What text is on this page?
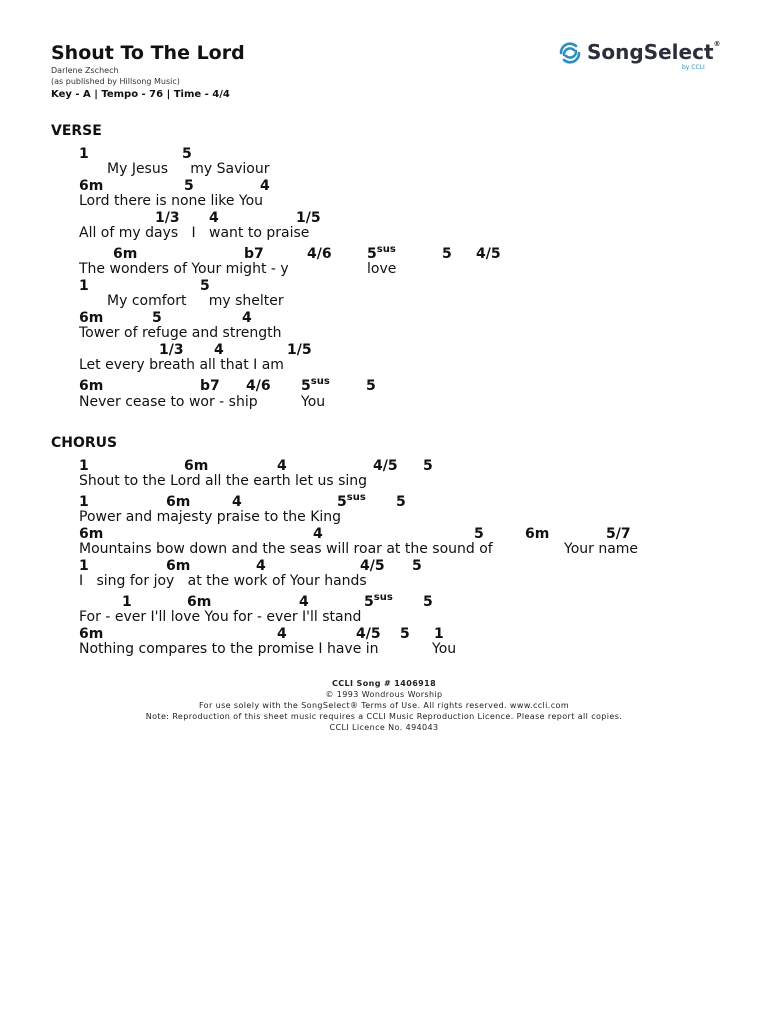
Shout To The Lord
Darlene Zschech
(as published by Hillsong Music)
Key - A | Tempo - 76 | Time - 4/4
SongSelect®
by CCLI
VERSE
1	5
My Jesus     my Saviour
6m	5	4
Lord there is none like You
1/3 4	1/5
All of my days   I   want to praise
6m	b7	4/6	$5^{sus}$	5 4/5
The wonders of Your might - y	love
1	5
My comfort     my shelter
6m	5	4
Tower of refuge and strength
1/3 4	1/5
Let every breath all that I am
6m	b7 4/6 $5^{sus}$	5
Never cease to wor - ship	You
CHORUS
1	6m	4	4/5 5
Shout to the Lord all the earth let us sing
1	6m	4	$5^{sus}$ 5
Power and majesty praise to the King
6m	4	5	6m	5/7
Mountains bow down and the seas will roar at the sound of	Your name
1	6m	4	4/5 5
I   sing for joy   at the work of Your hands
1	6m	4	$5^{sus}$ 5
For - ever I'll love You for - ever I'll stand
6m	4	4/5 5 1
Nothing compares to the promise I have in	You
CCLI Song # 1406918
© 1993 Wondrous Worship
For use solely with the SongSelect® Terms of Use. All rights reserved. www.ccli.com
Note: Reproduction of this sheet music requires a CCLI Music Reproduction Licence. Please report all copies.
CCLI Licence No. 494043
